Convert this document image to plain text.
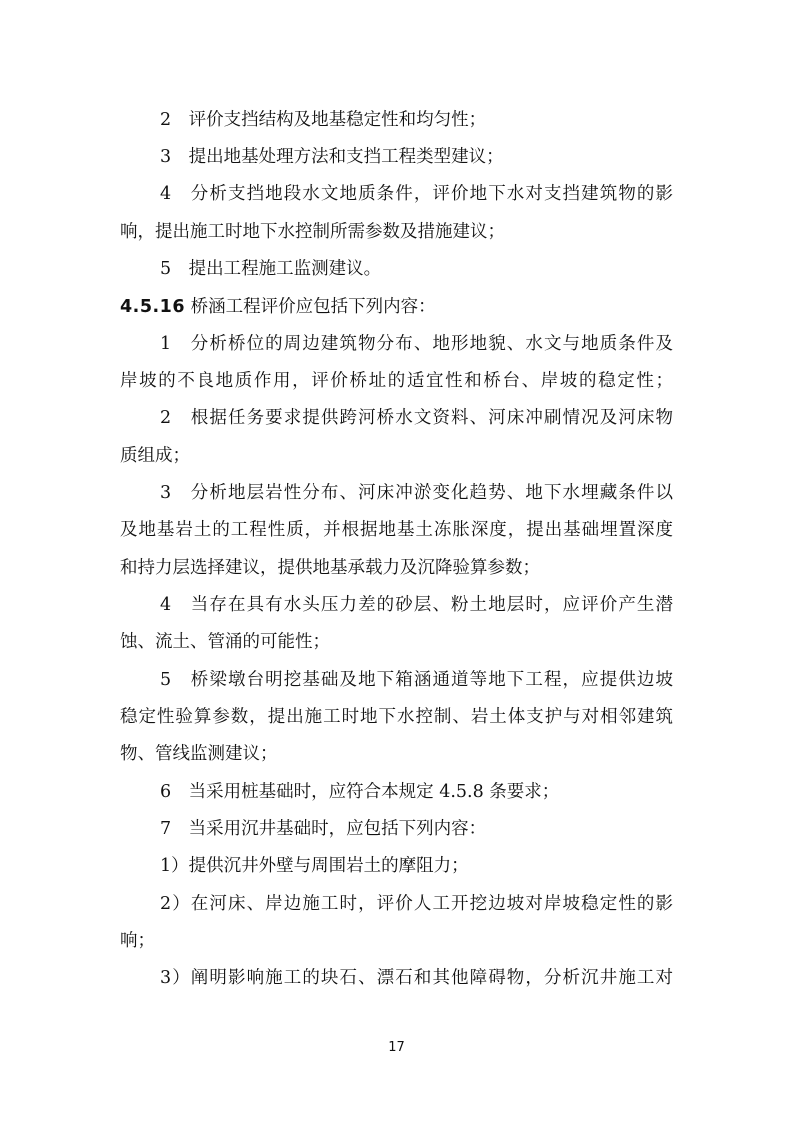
2　评价支挡结构及地基稳定性和均匀性；
3　提出地基处理方法和支挡工程类型建议；
4　分析支挡地段水文地质条件，评价地下水对支挡建筑物的影
响，提出施工时地下水控制所需参数及措施建议；
5　提出工程施工监测建议。
4.5.16 桥涵工程评价应包括下列内容：
1　分析桥位的周边建筑物分布、地形地貌、水文与地质条件及
岸坡的不良地质作用，评价桥址的适宜性和桥台、岸坡的稳定性；
2　根据任务要求提供跨河桥水文资料、河床冲刷情况及河床物
质组成；
3　分析地层岩性分布、河床冲淤变化趋势、地下水埋藏条件以
及地基岩土的工程性质，并根据地基土冻胀深度，提出基础埋置深度
和持力层选择建议，提供地基承载力及沉降验算参数；
4　当存在具有水头压力差的砂层、粉土地层时，应评价产生潜
蚀、流土、管涌的可能性；
5　桥梁墩台明挖基础及地下箱涵通道等地下工程，应提供边坡
稳定性验算参数，提出施工时地下水控制、岩土体支护与对相邻建筑
物、管线监测建议；
6　当采用桩基础时，应符合本规定 4.5.8 条要求；
7　当采用沉井基础时，应包括下列内容：
1）提供沉井外壁与周围岩土的摩阻力；
2）在河床、岸边施工时，评价人工开挖边坡对岸坡稳定性的影
响；
3）阐明影响施工的块石、漂石和其他障碍物，分析沉井施工对
17
